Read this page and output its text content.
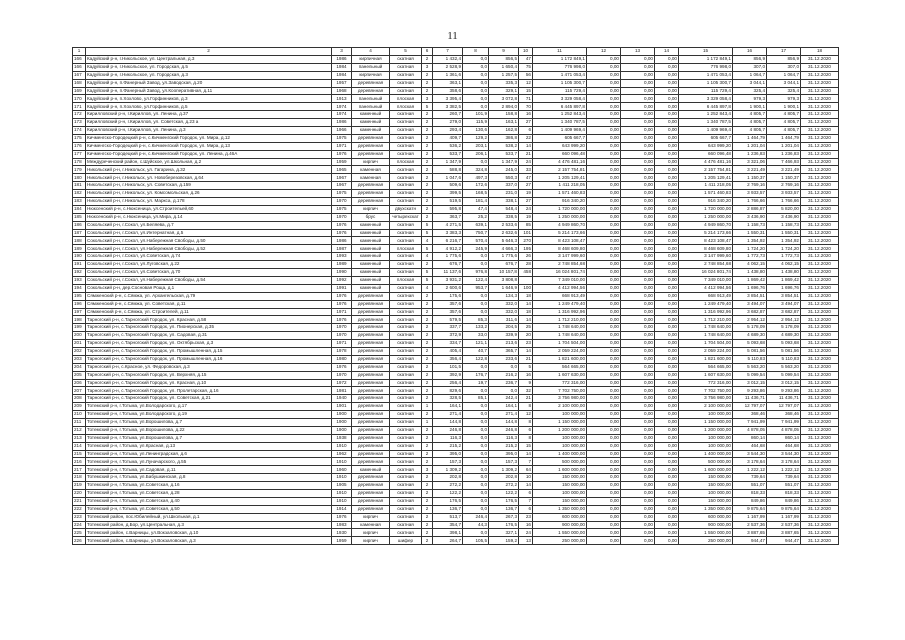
11
1	2	3	4	5	6	7	8	9	10	11	12	13	14	15	16	17	18
166	Кадуйский р-н, г.Никольское, ул. Центральная, д.3	1986	кирпичная	скатная	2	1 432,4	0,0	856,5	47	1 172 849,1	0,00	0,00	0,00	1 172 849,1	856,9	856,9	31.12.2020
166	Кадуйский р-н, г.Никольское, ул. Городская, д.5	1984	панельный	скатная	3	2 528,9	0,0	1 650,4	75	776 998,0	0,00	0,00	0,00	776 998,0	307,0	307,0	31.12.2020
167	Кадуйский р-н, г.Никольское, ул. Городская, д.3	1984	кирпичная	скатная	2	1 361,6	0,0	1 257,5	56	1 471 053,4	0,00	0,00	0,00	1 471 053,4	1 064,7	1 064,7	31.12.2020
168	Кадуйский р-н, п.Фанерный Завод, ул.Заводская, д.20	1957	деревянная	скатная	2	363,1	0,0	335,3	12	1 105 300,7	0,00	0,00	0,00	1 105 300,7	3 044,1	3 044,1	31.12.2020
169	Кадуйский р-н, п.Фанерный Завод, ул.Кооперативная, д.11	1968	деревянная	скатная	2	358,6	0,0	329,1	15	115 729,4	0,00	0,00	0,00	115 729,4	325,4	325,4	31.12.2020
170	Кадуйский р-н, п.Хохлово, ул.Горфинников, д.3	1913	панельный	плоская	3	3 395,4	0,0	3 072,8	71	3 329 058,4	0,00	0,00	0,00	3 329 058,4	979,3	979,3	31.12.2020
171	Кадуйский р-н, п.Хохлово, ул.Горфинников, д.5	1974	панельный	плоская	5	3 382,5	0,0	2 894,0	70	6 445 897,8	0,00	0,00	0,00	6 445 897,8	1 900,1	1 900,1	31.12.2020
172	Кирилловский р-н, г.Кириллов, ул. Ленина, д.37	1974	каменный	скатная	2	260,7	101,9	158,8	16	1 252 843,4	0,00	0,00	0,00	1 252 843,4	4 805,7	4 805,7	31.12.2020
173	Кирилловский р-н, г.Кириллов, ул. Советская, д.23 а	1986	каменный	скатная	2	279,0	115,9	163,1	27	1 340 787,5	0,00	0,00	0,00	1 340 787,5	4 805,7	4 805,7	31.12.2020
174	Кирилловский р-н, г.Кириллов, ул. Ленина, д.3	1966	каменный	скатная	2	293,4	130,6	162,8	6	1 409 969,4	0,00	0,00	0,00	1 409 969,4	4 805,7	4 805,7	31.12.2020
175	Кичменгско-Городецкий р-н, с.Кичменгский Городок, ул. Мира, д.12	1975	деревянная	скатная	2	409,7	129,2	386,8	22	605 667,7	0,00	0,00	0,00	605 667,7	1 464,79	1 464,79	31.12.2020
176	Кичменгско-Городецкий р-н, с.Кичменгский Городок, ул. Мира, д.13	1971	деревянная	скатная	2	536,2	203,1	538,2	14	643 999,20	0,00	0,00	0,00	643 999,20	1 201,04	1 201,04	31.12.2020
177	Кичменгско-Городецкий р-н, с.Кичменгский Городок, ул. Ленина, д.46А	1976	деревянная	скатная	2	533,7	206,1	533,7	21	660 096,48	0,00	0,00	0,00	660 096,48	1 236,83	1 236,83	31.12.2020
178	Междуреченский район, с.Шуйское, ул.Школьная, д.2	1959	кирпич	плоская	2	1 347,9	0,0	1 347,9	24	4 476 481,16	0,00	0,00	0,00	4 476 481,16	3 321,06	7 466,93	31.12.2020
179	Никольский р-н, г.Никольск, ул. Гагарина, д.32	1965	каменная	скатная	2	588,8	324,8	245,0	33	2 157 754,81	0,00	0,00	0,00	2 157 754,81	3 221,49	3 221,49	31.12.2020
180	Никольский р-н, г.Никольск, ул. Новоберезовская, д.64	1967	каменная	скатная	2	1 047,6	497,3	550,3	47	1 205 129,41	0,00	0,00	0,00	1 205 129,41	1 150,37	1 150,37	31.12.2020
181	Никольский р-н, г.Никольск, ул. Советская, д.159	1967	деревянная	скатная	2	509,6	172,6	337,0	27	1 411 218,05	0,00	0,00	0,00	1 411 218,05	2 769,16	2 769,16	31.12.2020
182	Никольский р-н, г.Никольск, ул. Комсомольская, д.26	1975	деревянная	скатная	2	399,5	168,5	231,0	19	1 571 460,83	0,00	0,00	0,00	1 571 460,83	3 933,57	3 933,57	31.12.2020
183	Никольский р-н, г.Никольск, ул. Маркса, д.178	1970	деревянная	скатная	2	519,5	181,4	338,1	27	916 340,20	0,00	0,00	0,00	916 340,20	1 766,66	1 766,66	31.12.2020
184	Нюксенский р-н, с.Нюксеница, ул.Строительей,60	1975	кирпич	двухскатн	2	595,8	47,4	548,4	24	1 720 000,00	0,00	0,00	0,00	1 720 000,00	2 886,87	5 820,00	31.12.2020
185	Нюксенский р-н, с.Нюксеница, ул.Мира, д.14	1970	брус	четырехскат	2	363,7	25,2	338,5	19	1 250 000,00	0,00	0,00	0,00	1 250 000,00	3 436,90	3 436,90	31.12.2020
186	Сокольский р-н, г.Сокол, ул.Беляева, д.7	1976	каменный	скатная	5	4 271,5	639,1	2 533,6	85	4 949 860,70	0,00	0,00	0,00	4 949 860,70	1 158,73	1 158,73	31.12.2020
187	Сокольский р-н, г.Сокол, ул.Интернатная, д.5	1976	каменный	скатная	5	3 383,3	750,7	2 632,6	101	5 214 173,66	0,00	0,00	0,00	5 214 173,66	1 550,31	1 550,31	31.12.2020
188	Сокольский р-н, г.Сокол, ул.Набережная Свободы, д.50	1986	каменный	скатная	4	6 216,7	570,4	5 646,3	270	8 423 108,47	0,00	0,00	0,00	8 423 108,47	1 354,92	1 354,92	31.12.2020
189	Сокольский р-н, г.Сокол, ул.Набережная Свободы, д.52	1987	каменный	плоская	5	4 912,2	245,9	4 666,3	195	8 468 609,80	0,00	0,00	0,00	8 468 609,80	1 724,20	1 724,20	31.12.2020
190	Сокольский р-н, г.Сокол, ул.Советская, д.74	1993	каменный	скатная	4	1 775,6	0,0	1 775,6	26	3 147 999,60	0,00	0,00	0,00	3 147 999,60	1 772,73	1 772,73	31.12.2020
191	Сокольский р-н, г.Сокол, ул.Луговская, д.22	1989	каменный	скатная	2	676,7	0,0	676,7	28	2 748 854,68	0,00	0,00	0,00	2 748 854,68	4 062,15	4 062,15	31.12.2020
192	Сокольский р-н, г.Сокол, ул.Советская, д.70	1990	каменный	скатная	5	11 137,6	976,8	10 157,8	458	16 024 801,74	0,00	0,00	0,00	16 024 801,74	1 438,80	1 438,80	31.12.2020
193	Сокольский р-н, г.Сокол, ул.Набережная Свободы, д.54	1992	каменный	плоская	5	3 931,2	122,4	3 808,8		7 349 010,00	0,00	0,00	0,00	7 349 010,00	1 869,42	1 869,42	31.12.2020
194	Сокольский р-н, дер.Сосновая Роща, д.1	1991	каменный	скатная	4	2 600,6	953,7	1 646,9	100	4 412 994,56	0,00	0,00	0,00	4 412 994,56	1 696,76	1 696,76	31.12.2020
195	Сямженский р-н, с.Сямжа, ул. Архангельская, д.79	1976	деревянная	скатная	2	175,6	0,0	134,3	18	668 913,49	0,00	0,00	0,00	668 913,49	3 854,51	3 854,51	31.12.2020
196	Сямженский р-н, с.Сямжа, ул. Советская, д.11	1976	деревянная	скатная	2	357,6	0,0	332,0	14	1 249 479,40	0,00	0,00	0,00	1 249 479,40	3 494,07	3 494,07	31.12.2020
197	Сямженский р-н, с.Сямжа, ул. Строителей, д.11	1971	деревянная	скатная	2	357,6	0,0	332,0	18	1 316 992,96	0,00	0,00	0,00	1 316 992,96	3 682,87	3 682,87	31.12.2020
198	Тарногский р-н, с.Тарногский Городок, ул. Красная, д.58	1976	деревянная	скатная	2	579,5	85,3	311,6	14	1 712 210,00	0,00	0,00	0,00	1 712 210,00	2 954,12	2 954,12	31.12.2020
199	Тарногский р-н, с.Тарногский Городок, ул. Пионерская, д.35	1970	деревянная	скатная	2	337,7	133,2	204,5	25	1 748 640,00	0,00	0,00	0,00	1 748 640,00	5 178,09	5 178,09	31.12.2020
200	Тарногский р-н, с.Тарногский Городок, ул. Садовая, д.31	1970	деревянная	скатная	2	372,9	33,0	339,9	20	1 748 640,00	0,00	0,00	0,00	1 748 640,00	4 689,30	4 689,30	31.12.2020
201	Тарногский р-н, с.Тарногский Городок, ул. Октябрьская, д.3	1971	деревянная	скатная	2	334,7	121,1	213,6	23	1 704 504,00	0,00	0,00	0,00	1 704 504,00	5 093,68	5 093,68	31.12.2020
202	Тарногский р-н, с.Тарногский Городок, ул. Промышленная, д.15	1978	деревянная	скатная	2	405,4	40,7	365,7	14	2 059 224,00	0,00	0,00	0,00	2 059 224,00	5 081,56	5 081,56	31.12.2020
203	Тарногский р-н, с.Тарногский Городок, ул. Промышленная, д.16	1980	деревянная	скатная	2	356,4	122,8	233,6	21	1 821 600,00	0,00	0,00	0,00	1 821 600,00	5 110,83	5 110,83	31.12.2020
204	Тарногский р-н, с.Красное, ул. Федоровская, д.3	1976	деревянная	скатная	2	101,5	0,0	0,0	5	564 665,00	0,00	0,00	0,00	564 665,00	5 563,20	5 563,20	31.12.2020
205	Тарногский р-н, с.Тарногский Городок, ул. Верхняя, д.15	1970	деревянная	скатная	2	392,9	176,7	216,2	16	1 607 630,00	0,00	0,00	0,00	1 607 630,00	5 099,54	5 099,54	31.12.2020
206	Тарногский р-н, с.Тарногский Городок, ул. Красная, д.10	1972	деревянная	скатная	2	256,4	19,7	236,7	9	772 316,00	0,00	0,00	0,00	772 316,00	3 012,15	3 012,15	31.12.2020
207	Тарногский р-н, с.Тарногский Городок, ул. Пролетарская, д.16	1981	деревянная	скатная	2	829,6	0,0	0,0	32	7 702 750,00	0,00	0,00	0,00	7 702 750,00	9 293,86	9 293,86	31.12.2020
208	Тарногский р-н, с.Тарногский Городок, ул. Советская, д.21	1940	деревянная	скатная	2	328,5	85,1	242,4	21	3 756 980,00	0,00	0,00	0,00	3 756 980,00	11 436,71	11 436,71	31.12.2020
209	Тотемский р-н, г.Тотьма, ул.Володарского, д.17	1901	деревянная	скатная	1	164,1	0,0	164,1	8	2 100 000,00	0,00	0,00	0,00	2 100 000,00	12 797,07	12 797,07	31.12.2020
210	Тотемский р-н, г.Тотьма, ул.Володарского, д.19	1900	деревянная	скатная	2	271,4	0,0	271,4	12	100 000,00	0,00	0,00	0,00	100 000,00	368,46	368,46	31.12.2020
211	Тотемский р-н, г.Тотьма, ул.Ворошилова, д.7	1900	деревянная	скатная	1	144,8	0,0	144,8	8	1 150 000,00	0,00	0,00	0,00	1 150 000,00	7 941,99	7 941,99	31.12.2020
212	Тотемский р-н, г.Тотьма, ул.Ворошилова, д.22	1900	деревянная	скатная	2	246,8	0,0	246,8	6	1 200 000,00	0,00	0,00	0,00	1 200 000,00	4 878,05	4 878,05	31.12.2020
213	Тотемский р-н, г.Тотьма, ул.Ворошилова, д.7	1938	деревянная	скатная	2	116,3	0,0	116,3	8	100 000,00	0,00	0,00	0,00	100 000,00	860,14	860,14	31.12.2020
214	Тотемский р-н, г.Тотьма, ул.Красная, д.13	1910	деревянная	скатная	2	215,2	0,0	215,2	15	100 000,00	0,00	0,00	0,00	100 000,00	464,68	464,68	31.12.2020
215	Тотемский р-н, г.Тотьма, ул.Ленинградская, д.6	1962	деревянная	скатная	2	395,0	0,0	395,0	14	1 400 000,00	0,00	0,00	0,00	1 400 000,00	3 544,30	3 544,30	31.12.2020
216	Тотемский р-н, г.Тотьма, ул.Луначарского, д.55	1910	деревянная	скатная	2	157,3	0,0	157,3	7	500 000,00	0,00	0,00	0,00	500 000,00	3 178,64	3 178,64	31.12.2020
217	Тотемский р-н, г.Тотьма, ул.Садовая, д.11	1960	каменный	скатная	3	1 309,2	0,0	1 309,2	64	1 600 000,00	0,00	0,00	0,00	1 600 000,00	1 222,12	1 222,12	31.12.2020
218	Тотемский р-н, г.Тотьма, ул.Бабушкинская, д.8	1910	деревянная	скатная	2	202,8	0,0	202,8	10	150 000,00	0,00	0,00	0,00	150 000,00	739,64	739,64	31.12.2020
219	Тотемский р-н, г.Тотьма, ул.Советская, д.16	1905	деревянная	скатная	2	272,2	0,0	272,2	14	150 000,00	0,00	0,00	0,00	150 000,00	551,07	551,07	31.12.2020
220	Тотемский р-н, г.Тотьма, ул.Советская, д.28	1910	деревянная	скатная	2	122,2	0,0	122,2	6	100 000,00	0,00	0,00	0,00	100 000,00	818,33	818,33	31.12.2020
221	Тотемский р-н, г.Тотьма, ул.Советская, д.40	1910	деревянная	скатная	2	176,5	0,0	176,5	7	150 000,00	0,00	0,00	0,00	150 000,00	849,86	849,86	31.12.2020
222	Тотемский р-н, г.Тотьма, ул.Советская, д.50	1914	деревянная	скатная	2	136,7	0,0	136,7	6	1 350 000,00	0,00	0,00	0,00	1 350 000,00	9 875,64	9 875,64	31.12.2020
223	Тотемский район, пос.Юбилейный, ул.Школьная, д.1	1976	кирпич	скатная	2	513,7	246,4	267,3	23	600 000,00	0,00	0,00	0,00	600 000,00	1 167,99	1 167,99	31.12.2020
224	Тотемский район, д.Бор, ул.Центральная, д.3	1983	каменная	скатная	2	354,7	44,3	176,5	16	900 000,00	0,00	0,00	0,00	900 000,00	2 537,36	2 537,36	31.12.2020
225	Тотемский район, с.Варницы, ул.Вокзаловская, д.10	1930	кирпич	скатная	2	398,1	0,0	327,1	24	1 550 000,00	0,00	0,00	0,00	1 550 000,00	3 887,65	3 887,65	31.12.2020
226	Тотемский район, с.Варницы, ул.Вокзаловская, д.3	1959	кирпич	шифер	2	264,7	105,5	159,2	13	250 000,00	0,00	0,00	0,00	250 000,00	944,47	944,47	31.12.2020
